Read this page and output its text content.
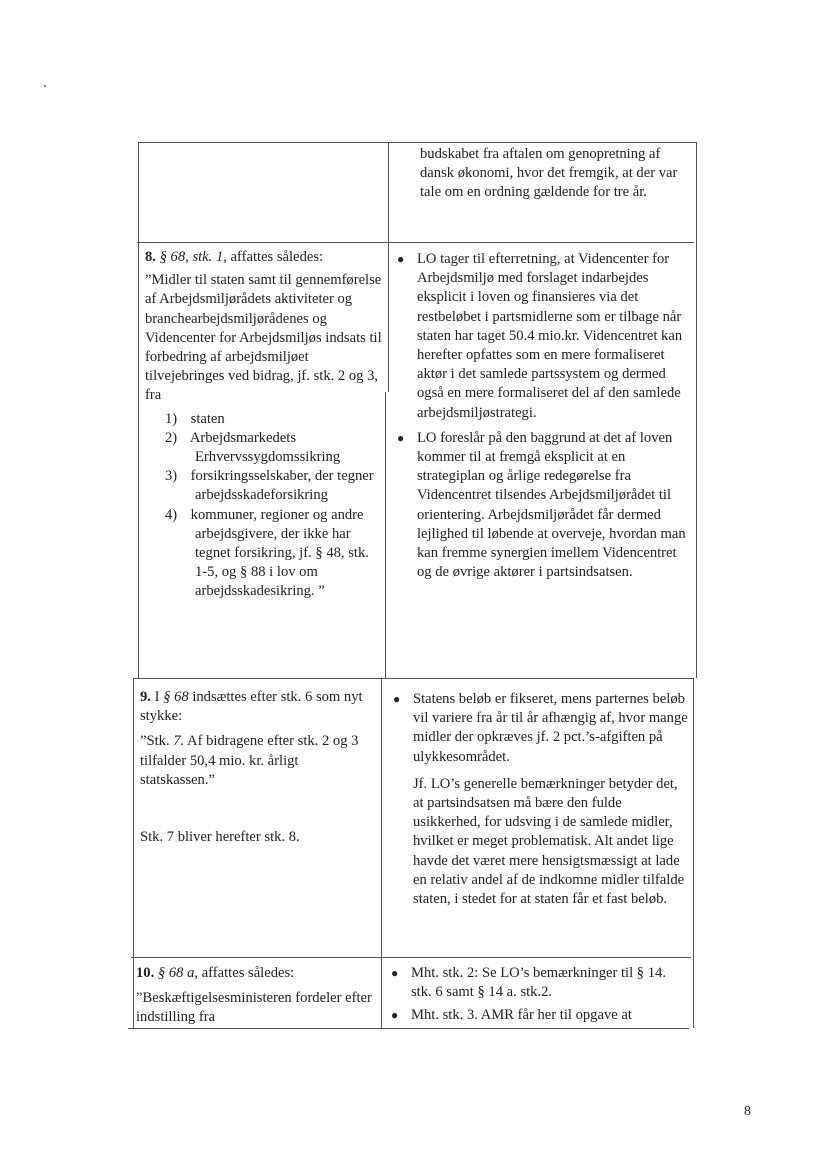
budskabet fra aftalen om genopretning af dansk økonomi, hvor det fremgik, at der var tale om en ordning gældende for tre år.

8. § 68, stk. 1, affattes således:

”Midler til staten samt til gennemførelse af Arbejdsmiljørådets aktiviteter og branchearbejdsmiljørådenes og Videncenter for Arbejdsmiljøs indsats til forbedring af arbejdsmiljøet tilvejebringes ved bidrag, jf. stk. 2 og 3, fra

1) staten

2) Arbejdsmarkedets Erhvervssygdomssikring

3) forsikringsselskaber, der tegner arbejdsskadeforsikring

4) kommuner, regioner og andre arbejdsgivere, der ikke har tegnet forsikring, jf. § 48, stk. 1-5, og § 88 i lov om arbejdsskadesikring. ”

● LO tager til efterretning, at Videncenter for Arbejdsmiljø med forslaget indarbejdes eksplicit i loven og finansieres via det restbeløbet i partsmidlerne som er tilbage når staten har taget 50.4 mio.kr. Videncentret kan herefter opfattes som en mere formaliseret aktør i det samlede partssystem og dermed også en mere formaliseret del af den samlede arbejdsmiljøstrategi.

● LO foreslår på den baggrund at det af loven kommer til at fremgå eksplicit at en strategiplan og årlige redegørelse fra Videncentret tilsendes Arbejdsmiljørådet til orientering. Arbejdsmiljørådet får dermed lejlighed til løbende at overveje, hvordan man kan fremme synergien imellem Videncentret og de øvrige aktører i partsindsatsen.

9. I § 68 indsættes efter stk. 6 som nyt stykke:

”Stk. 7. Af bidragene efter stk. 2 og 3 tilfalder 50,4 mio. kr. årligt statskassen.”

Stk. 7 bliver herefter stk. 8.

● Statens beløb er fikseret, mens parternes beløb vil variere fra år til år afhængig af, hvor mange midler der opkræves jf. 2 pct.’s-afgiften på ulykkesområdet.

Jf. LO’s generelle bemærkninger betyder det, at partsindsatsen må bære den fulde usikkerhed, for udsving i de samlede midler, hvilket er meget problematisk. Alt andet lige havde det været mere hensigtsmæssigt at lade en relativ andel af de indkomne midler tilfalde staten, i stedet for at staten får et fast beløb.

10. § 68 a, affattes således:

”Beskæftigelsesministeren fordeler efter indstilling fra

● Mht. stk. 2: Se LO’s bemærkninger til § 14. stk. 6 samt § 14 a. stk.2.

● Mht. stk. 3. AMR får her til opgave at

8
